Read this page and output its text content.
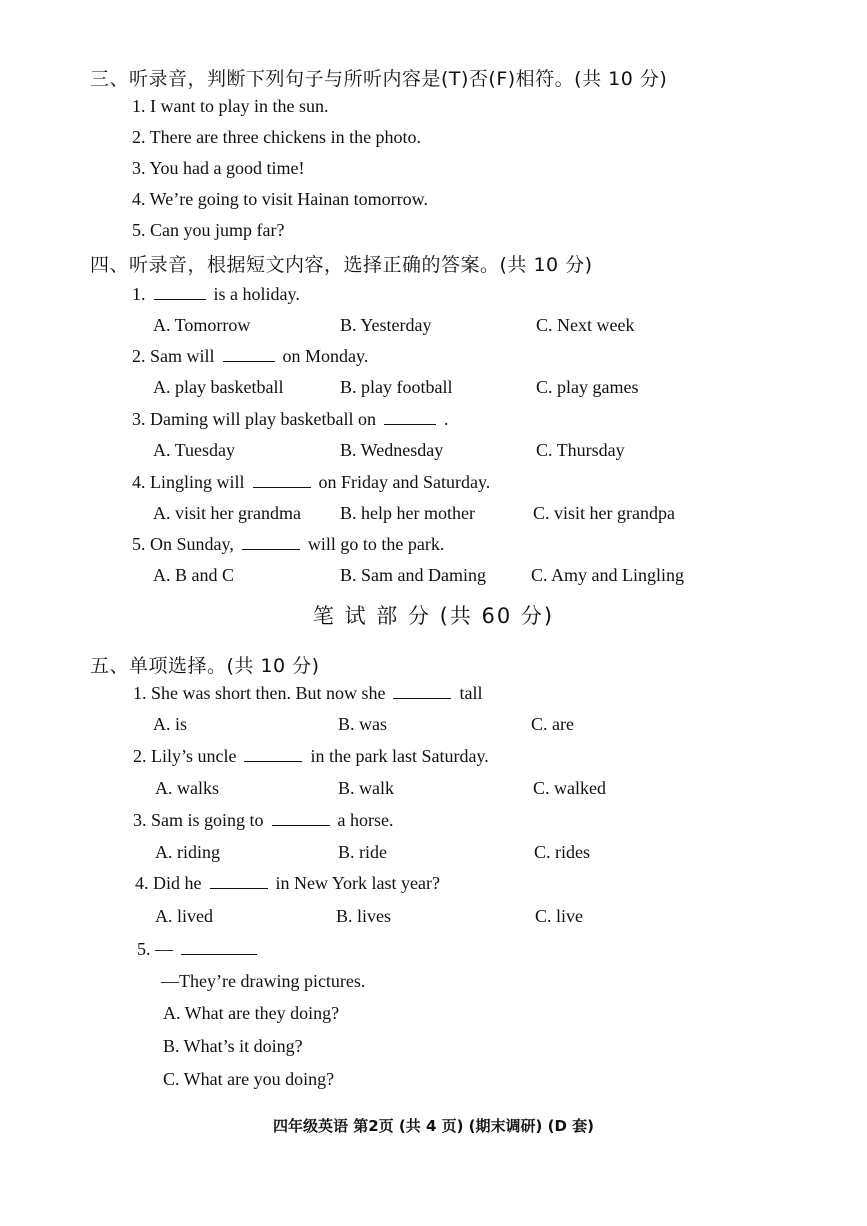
三、听录音，判断下列句子与所听内容是(T)否(F)相符。(共 10 分)
1. I want to play in the sun.
2. There are three chickens in the photo.
3. You had a good time!
4. We’re going to visit Hainan tomorrow.
5. Can you jump far?
四、听录音，根据短文内容，选择正确的答案。(共 10 分)
1.	is a holiday.
A. Tomorrow	B. Yesterday	C. Next week
2. Sam will	on Monday.
A. play basketball	B. play football	C. play games
3. Daming will play basketball on	.
A. Tuesday	B. Wednesday	C. Thursday
4. Lingling will	on Friday and Saturday.
A. visit her grandma B. help her mother	C. visit her grandpa
5. On Sunday,	will go to the park.
A. B and C	B. Sam and Daming	C. Amy and Lingling
笔 试 部 分 (共 60 分)
五、单项选择。(共 10 分)
1. She was short then. But now she	tall
A. is	B. was	C. are
2. Lily’s uncle	in the park last Saturday.
A. walks	B. walk	C. walked
3. Sam is going to	a horse.
A. riding	B. ride	C. rides
4. Did he	in New York last year?
A. lived	B. lives	C. live
5. —
—They’re drawing pictures.
A. What are they doing?
B. What’s it doing?
C. What are you doing?
四年级英语 第2页 (共 4 页) (期末调研) (D 套)
